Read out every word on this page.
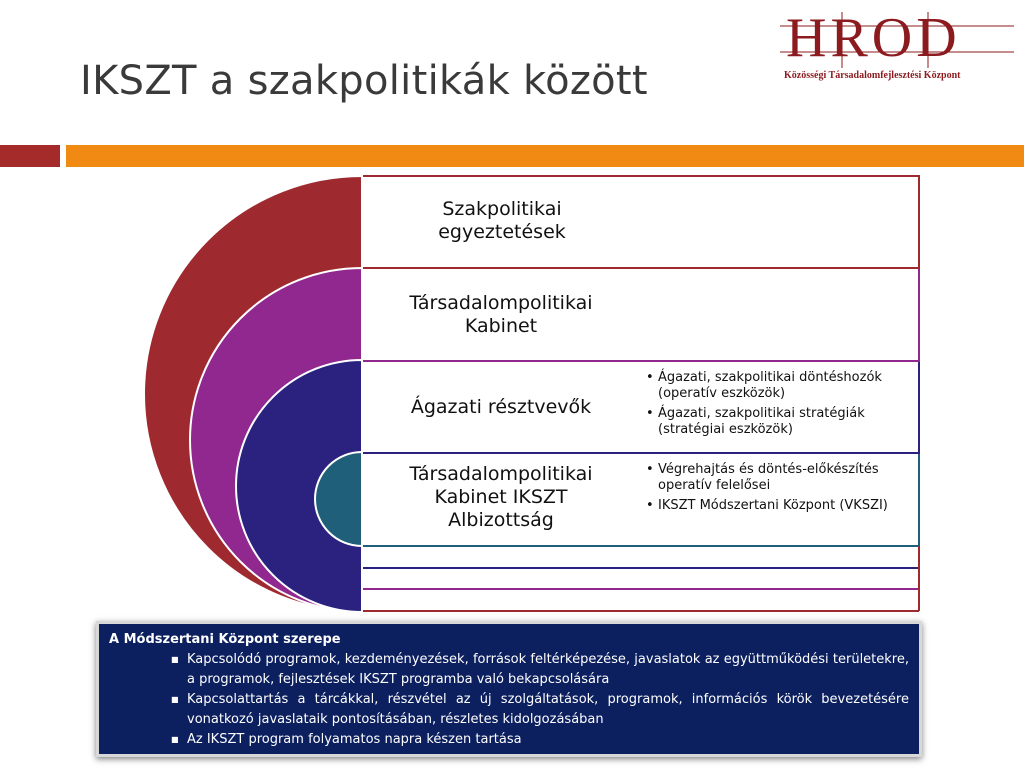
IKSZT a szakpolitikák között
HROD
Közösségi Társadalomfejlesztési Központ
Szakpolitikai egyeztetések
Társadalompolitikai Kabinet
Ágazati résztvevők
Társadalompolitikai Kabinet IKSZT Albizottság
• Ágazati, szakpolitikai döntéshozók (operatív eszközök)
• Ágazati, szakpolitikai stratégiák (stratégiai eszközök)
• Végrehajtás és döntés-előkészítés operatív felelősei
• IKSZT Módszertani Központ (VKSZI)
A Módszertani Központ szerepe
■ Kapcsolódó programok, kezdeményezések, források feltérképezése, javaslatok az együttműködési területekre, a programok, fejlesztések IKSZT programba való bekapcsolására
■ Kapcsolattartás a tárcákkal, részvétel az új szolgáltatások, programok, információs körök bevezetésére vonatkozó javaslataik pontosításában, részletes kidolgozásában
■ Az IKSZT program folyamatos napra készen tartása
